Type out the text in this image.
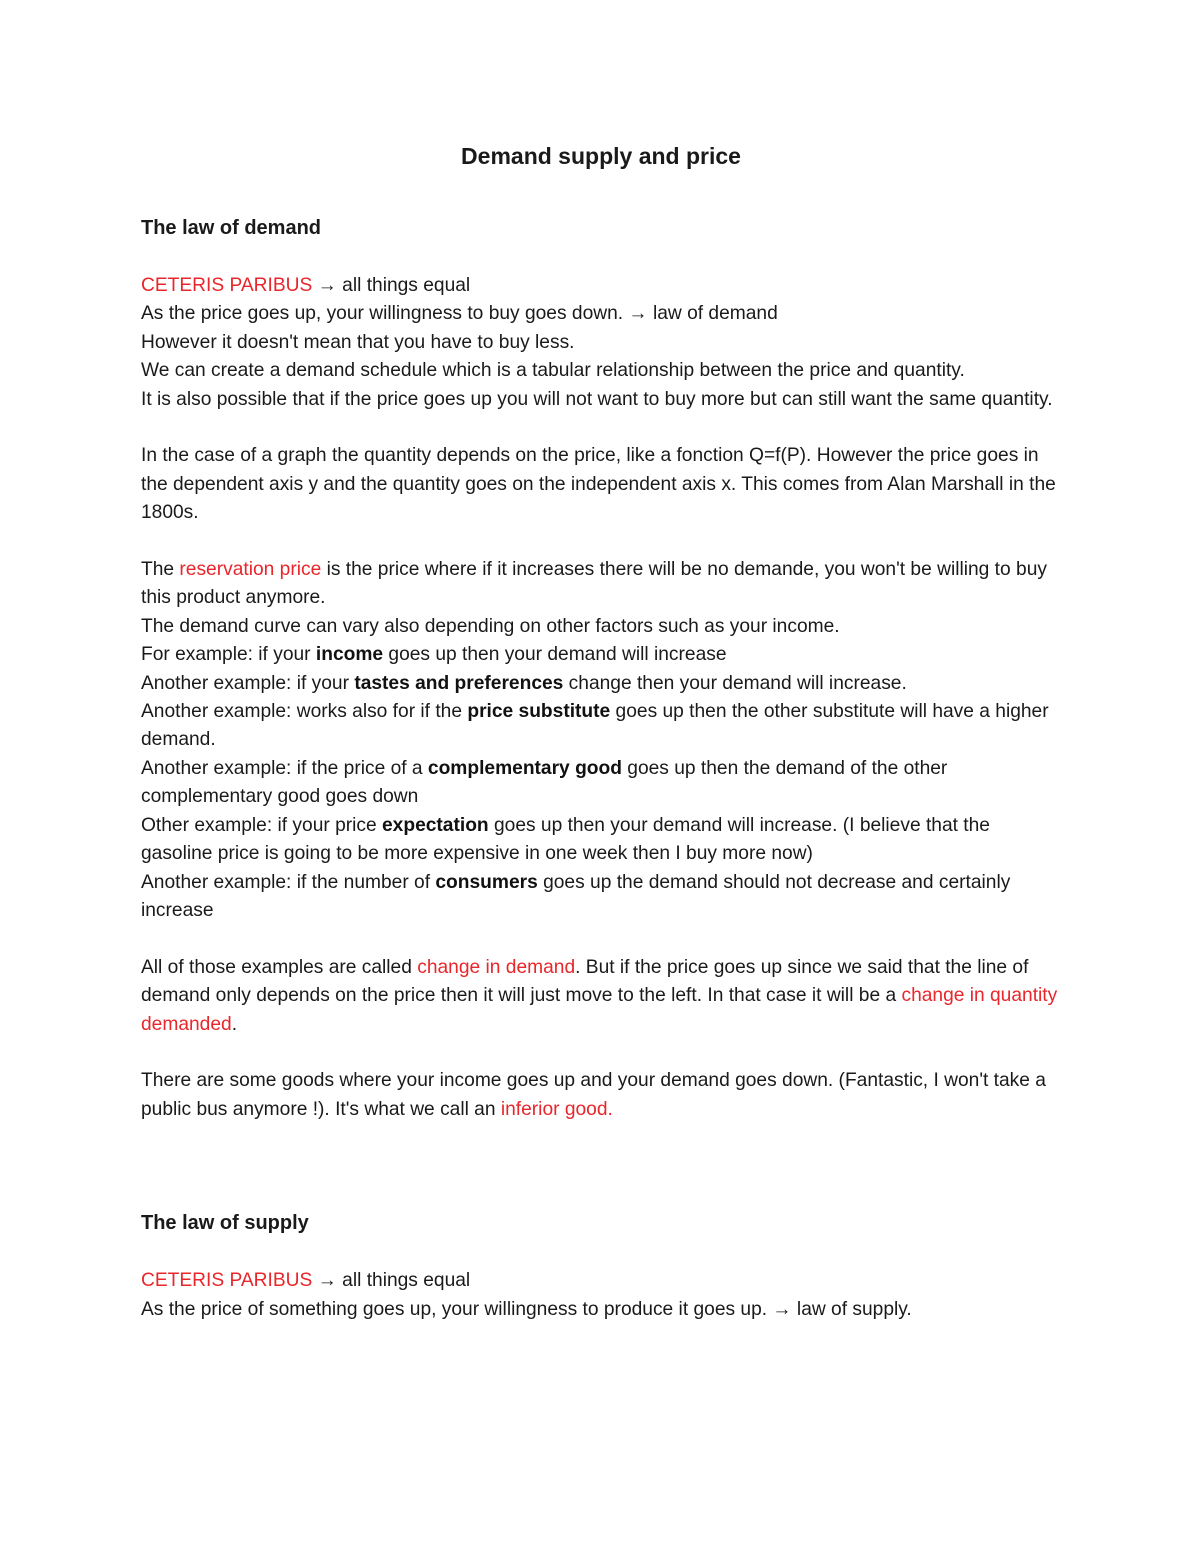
Demand supply and price
The law of demand

CETERIS PARIBUS → all things equal

As the price goes up, your willingness to buy goes down. → law of demand

However it doesn't mean that you have to buy less.

We can create a demand schedule which is a tabular relationship between the price and quantity.

It is also possible that if the price goes up you will not want to buy more but can still want the same quantity.

In the case of a graph the quantity depends on the price, like a fonction Q=f(P). However the price goes in the dependent axis y and the quantity goes on the independent axis x. This comes from Alan Marshall in the 1800s.

The reservation price is the price where if it increases there will be no demande, you won't be willing to buy this product anymore.

The demand curve can vary also depending on other factors such as your income.

For example: if your income goes up then your demand will increase

Another example: if your tastes and preferences change then your demand will increase.

Another example: works also for if the price substitute goes up then the other substitute will have a higher demand.

Another example: if the price of a complementary good goes up then the demand of the other complementary good goes down

Other example: if your price expectation goes up then your demand will increase. (I believe that the gasoline price is going to be more expensive in one week then I buy more now)

Another example: if the number of consumers goes up the demand should not decrease and certainly increase

All of those examples are called change in demand. But if the price goes up since we said that the line of demand only depends on the price then it will just move to the left. In that case it will be a change in quantity demanded.

There are some goods where your income goes up and your demand goes down. (Fantastic, I won't take a public bus anymore !). It's what we call an inferior good.

The law of supply

CETERIS PARIBUS → all things equal

As the price of something goes up, your willingness to produce it goes up. → law of supply.
